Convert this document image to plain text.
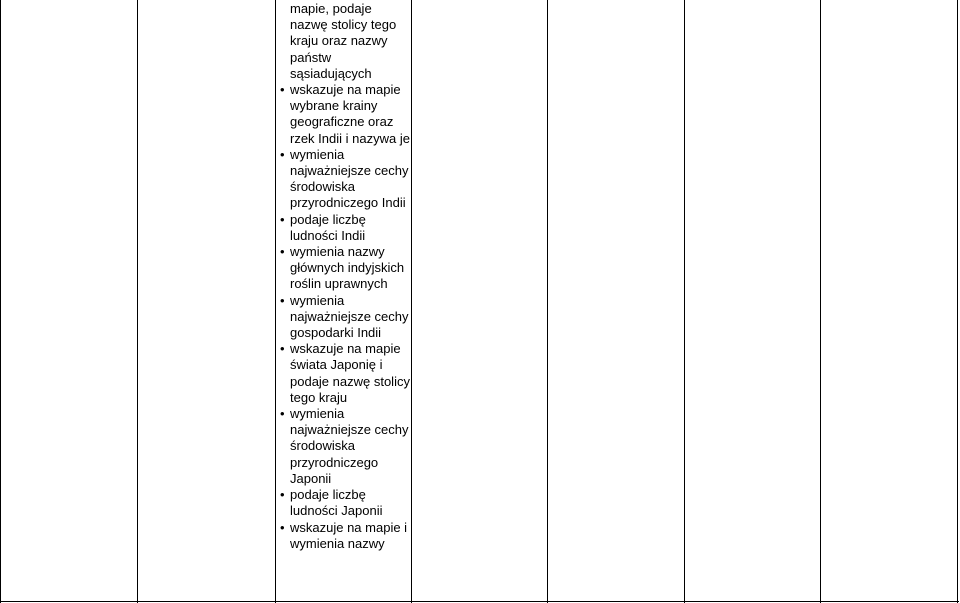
mapie, podaje nazwę stolicy tego kraju oraz nazwy państw sąsiadujących
• wskazuje na mapie wybrane krainy geograficzne oraz rzek Indii i nazywa je
• wymienia najważniejsze cechy środowiska przyrodniczego Indii
• podaje liczbę ludności Indii
• wymienia nazwy głównych indyjskich roślin uprawnych
• wymienia najważniejsze cechy gospodarki Indii
• wskazuje na mapie świata Japonię i podaje nazwę stolicy tego kraju
• wymienia najważniejsze cechy środowiska przyrodniczego Japonii
• podaje liczbę ludności Japonii
• wskazuje na mapie i wymienia nazwy
